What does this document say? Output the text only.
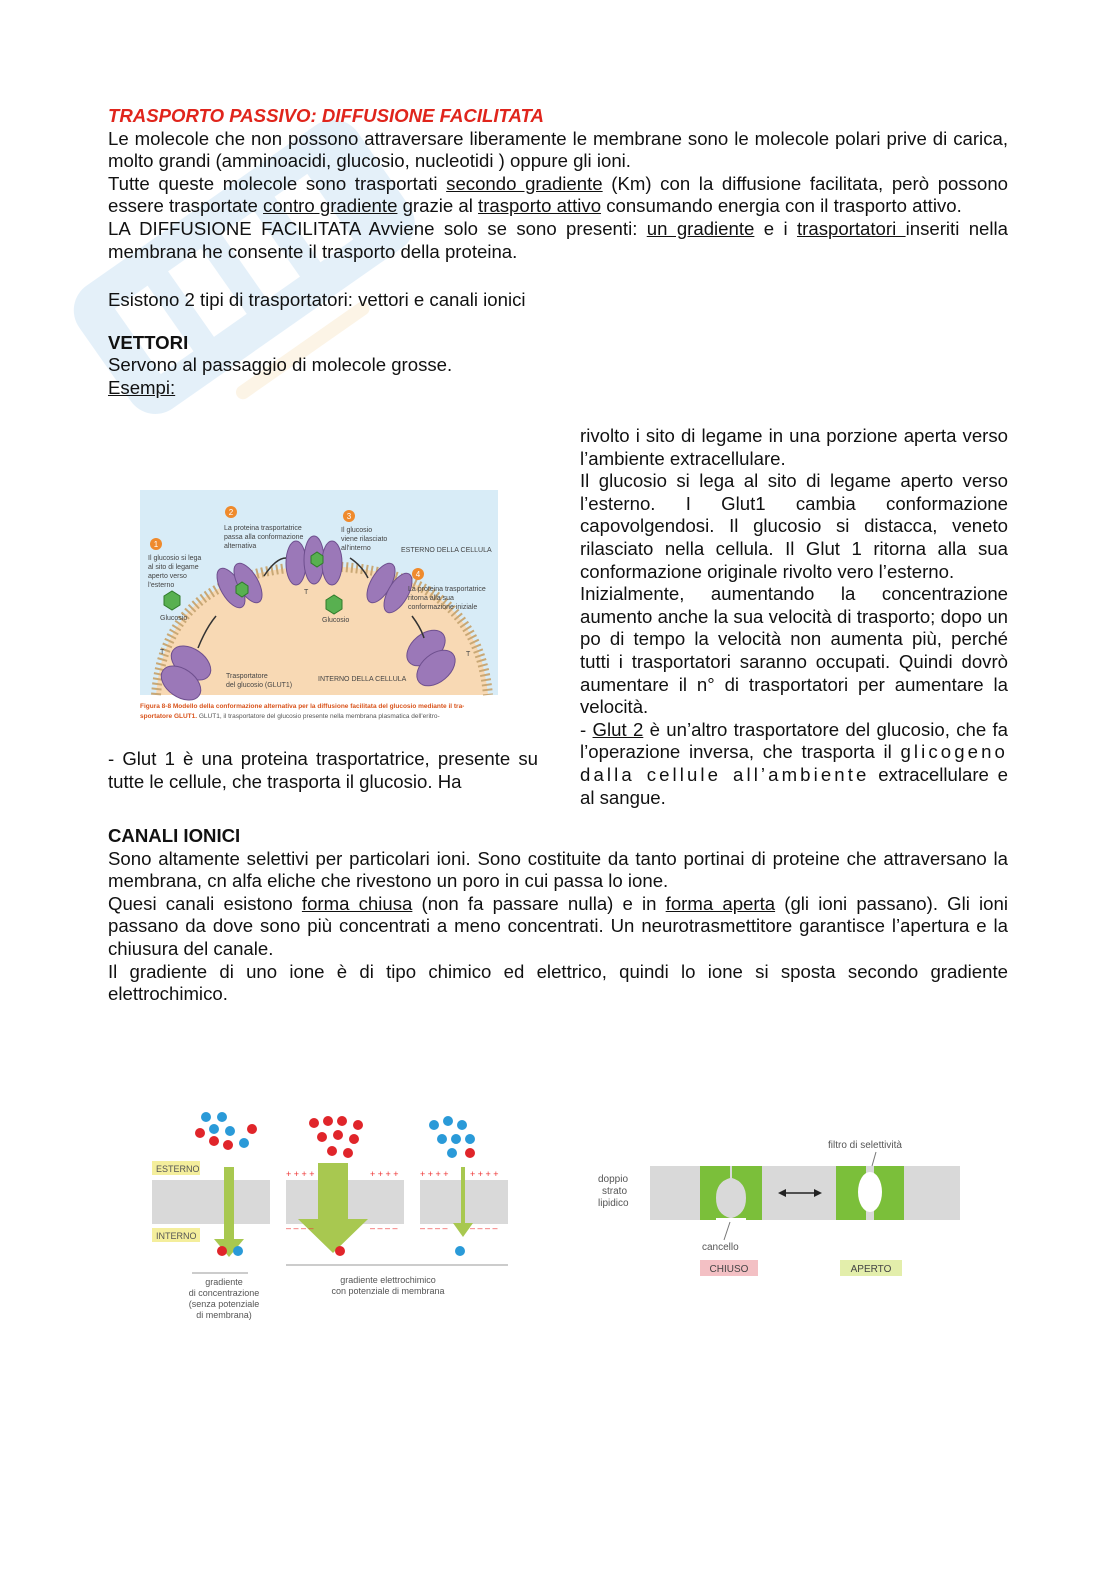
TRASPORTO PASSIVO: DIFFUSIONE FACILITATA

Le molecole che non possono attraversare liberamente le membrane sono le molecole polari prive di carica, molto grandi (amminoacidi, glucosio, nucleotidi ) oppure gli ioni.

Tutte queste molecole sono trasportati secondo gradiente (Km) con la diffusione facilitata, però possono essere trasportate contro gradiente grazie al trasporto attivo consumando energia con il trasporto attivo.

LA DIFFUSIONE FACILITATA Avviene solo se sono presenti: un gradiente e i trasportatori inseriti nella membrana he consente il trasporto della proteina.

Esistono 2 tipi di trasportatori: vettori e canali ionici

VETTORI

Servono al passaggio di molecole grosse.

Esempi:

1
2	3
4
Il glucosio si lega
al sito di legame
aperto verso
l'esterno
La proteina trasportatrice
passa alla conformazione
alternativa
Il glucosio
viene rilasciato
all'interno	ESTERNO DELLA CELLULA
La proteina trasportatrice
ritorna alla sua
conformazione iniziale
Glucosio	Glucosio
Trasportatore
del glucosio (GLUT1)
INTERNO DELLA CELLULA
T
T
T
Figura 8-8 Modello della conformazione alternativa per la diffusione facilitata del glucosio mediante il tra-
sportatore GLUT1. GLUT1, il trasportatore del glucosio presente nella membrana plasmatica dell'eritro-

- Glut 1 è una proteina trasportatrice, presente su tutte le cellule, che trasporta il glucosio. Ha

rivolto i sito di legame in una porzione aperta verso l’ambiente extracellulare.

Il glucosio si lega al sito di legame aperto verso l’esterno. I Glut1 cambia conformazione capovolgendosi. Il glucosio si distacca, veneto rilasciato nella cellula. Il Glut 1 ritorna alla sua conformazione originale rivolto vero l’esterno.

Inizialmente, aumentando la concentrazione aumento anche la sua velocità di trasporto; dopo un po di tempo la velocità non aumenta più, perché tutti i trasportatori saranno occupati. Quindi dovrò aumentare il n° di trasportatori per aumentare la velocità.

- Glut 2 è un’altro trasportatore del glucosio, che fa l’operazione inversa, che trasporta il glicogeno dalla cellule all’ambiente extracellulare e al sangue.

CANALI IONICI

Sono altamente selettivi per particolari ioni. Sono costituite da tanto portinai di proteine che attraversano la membrana, cn alfa eliche che rivestono un poro in cui passa lo ione.

Quesi canali esistono forma chiusa (non fa passare nulla) e in forma aperta (gli ioni passano). Gli ioni passano da dove sono più concentrati a meno concentrati. Un neurotrasmettitore garantisce l’apertura e la chiusura del canale.

Il gradiente di uno ione è di tipo chimico ed elettrico, quindi lo ione si sposta secondo gradiente elettrochimico.

ESTERNO
INTERNO
+ + + +	+ + + + + + + + + + + +
– – – –	– – – – – – – – – – – –
gradiente
di concentrazione
(senza potenziale
di membrana)
gradiente elettrochimico
con potenziale di membrana
doppio
strato
lipidico
filtro di selettività
cancello
CHIUSO	APERTO
